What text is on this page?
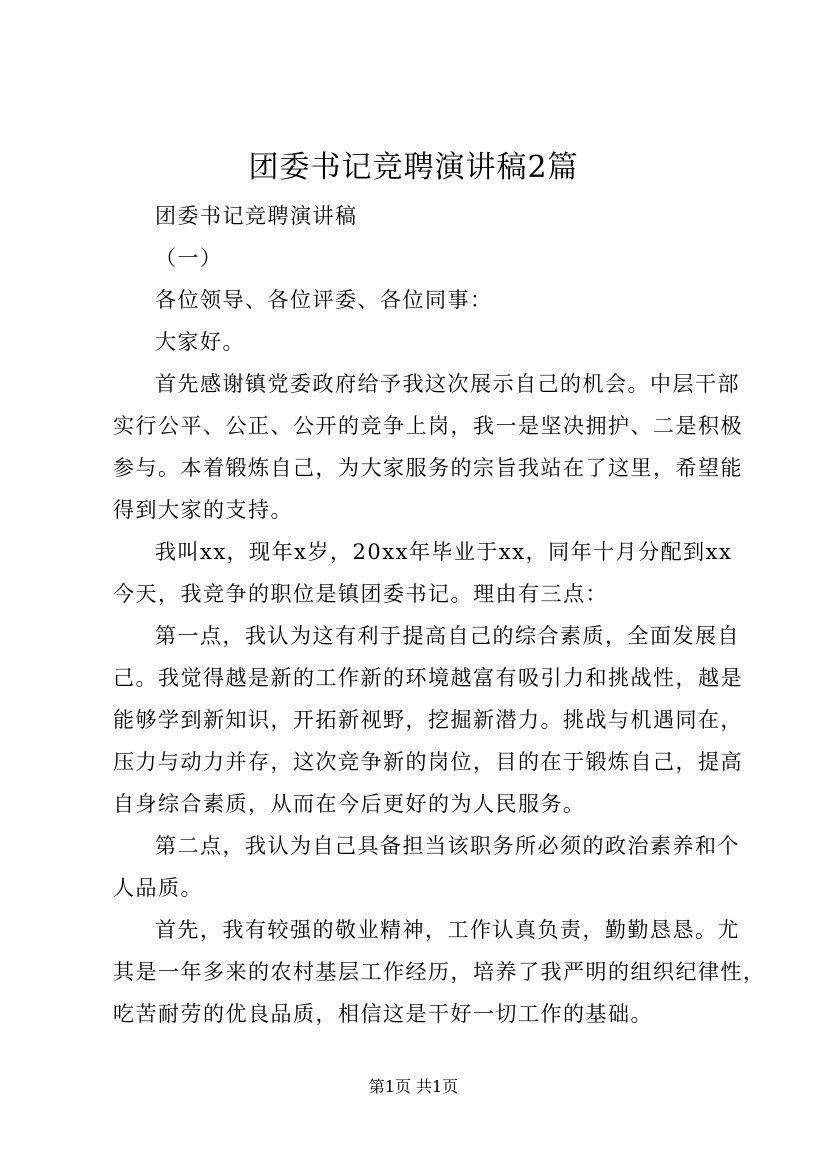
团委书记竞聘演讲稿2篇
团委书记竞聘演讲稿
（一）
各位领导、各位评委、各位同事：
大家好。
首先感谢镇党委政府给予我这次展示自己的机会。中层干部
实行公平、公正、公开的竞争上岗，我一是坚决拥护、二是积极
参与。本着锻炼自己，为大家服务的宗旨我站在了这里，希望能
得到大家的支持。
我叫xx，现年x岁，20xx年毕业于xx，同年十月分配到xx
今天，我竞争的职位是镇团委书记。理由有三点：
第一点，我认为这有利于提高自己的综合素质，全面发展自
己。我觉得越是新的工作新的环境越富有吸引力和挑战性，越是
能够学到新知识，开拓新视野，挖掘新潜力。挑战与机遇同在，
压力与动力并存，这次竞争新的岗位，目的在于锻炼自己，提高
自身综合素质，从而在今后更好的为人民服务。
第二点，我认为自己具备担当该职务所必须的政治素养和个
人品质。
首先，我有较强的敬业精神，工作认真负责，勤勤恳恳。尤
其是一年多来的农村基层工作经历，培养了我严明的组织纪律性，
吃苦耐劳的优良品质，相信这是干好一切工作的基础。
第1页 共1页
